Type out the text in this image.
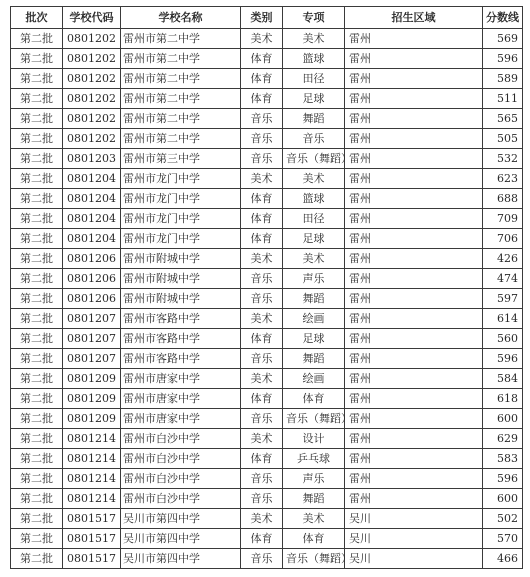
批次	学校代码	学校名称	类别	专项	招生区域	分数线
第二批	0801202	雷州市第二中学	美术	美术	雷州	569
第二批	0801202	雷州市第二中学	体育	篮球	雷州	596
第二批	0801202	雷州市第二中学	体育	田径	雷州	589
第二批	0801202	雷州市第二中学	体育	足球	雷州	511
第二批	0801202	雷州市第二中学	音乐	舞蹈	雷州	565
第二批	0801202	雷州市第二中学	音乐	音乐	雷州	505
第二批	0801203	雷州市第三中学	音乐	音乐（舞蹈）	雷州	532
第二批	0801204	雷州市龙门中学	美术	美术	雷州	623
第二批	0801204	雷州市龙门中学	体育	篮球	雷州	688
第二批	0801204	雷州市龙门中学	体育	田径	雷州	709
第二批	0801204	雷州市龙门中学	体育	足球	雷州	706
第二批	0801206	雷州市附城中学	美术	美术	雷州	426
第二批	0801206	雷州市附城中学	音乐	声乐	雷州	474
第二批	0801206	雷州市附城中学	音乐	舞蹈	雷州	597
第二批	0801207	雷州市客路中学	美术	绘画	雷州	614
第二批	0801207	雷州市客路中学	体育	足球	雷州	560
第二批	0801207	雷州市客路中学	音乐	舞蹈	雷州	596
第二批	0801209	雷州市唐家中学	美术	绘画	雷州	584
第二批	0801209	雷州市唐家中学	体育	体育	雷州	618
第二批	0801209	雷州市唐家中学	音乐	音乐（舞蹈）	雷州	600
第二批	0801214	雷州市白沙中学	美术	设计	雷州	629
第二批	0801214	雷州市白沙中学	体育	乒乓球	雷州	583
第二批	0801214	雷州市白沙中学	音乐	声乐	雷州	596
第二批	0801214	雷州市白沙中学	音乐	舞蹈	雷州	600
第二批	0801517	吴川市第四中学	美术	美术	吴川	502
第二批	0801517	吴川市第四中学	体育	体育	吴川	570
第二批	0801517	吴川市第四中学	音乐	音乐（舞蹈）	吴川	466
